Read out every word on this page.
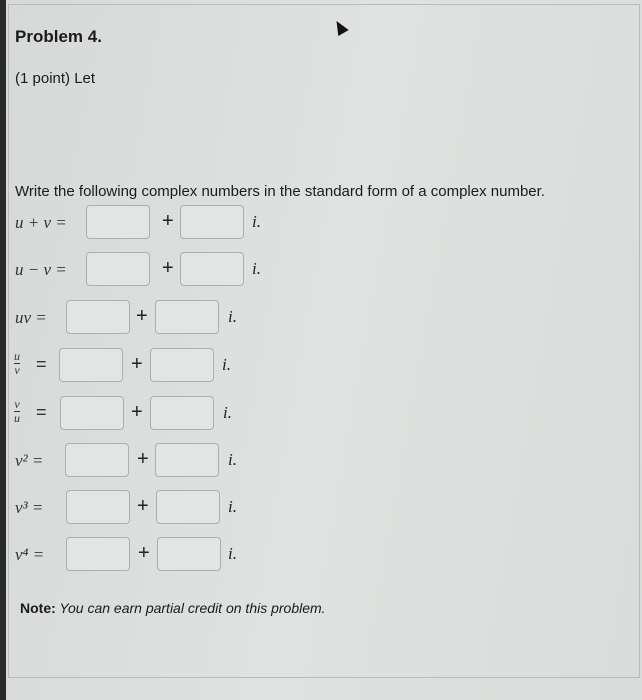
Problem 4.
(1 point) Let
Write the following complex numbers in the standard form of a complex number.
u + v =	+	i.
u − v =	+	i.
uv =	+	i.
$\frac{u}{v}$ =	+	i.
$\frac{v}{u}$ =	+	i.
v² =	+	i.
v³ =	+	i.
v⁴ =	+	i.
Note: You can earn partial credit on this problem.
